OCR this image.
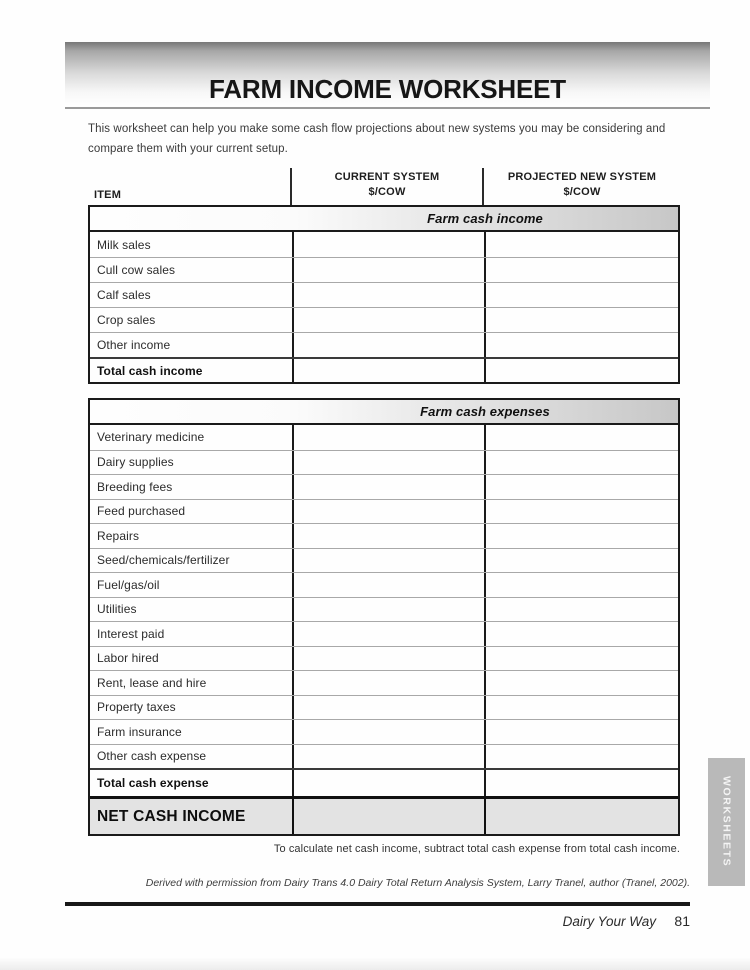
FARM INCOME WORKSHEET

This worksheet can help you make some cash flow projections about new systems you may be considering and compare them with your current setup.

ITEM
CURRENT SYSTEM
$/COW
PROJECTED NEW SYSTEM
$/COW
Farm cash income
Milk sales
Cull cow sales
Calf sales
Crop sales
Other income
Total cash income
Farm cash expenses
Veterinary medicine
Dairy supplies
Breeding fees
Feed purchased
Repairs
Seed/chemicals/fertilizer
Fuel/gas/oil
Utilities
Interest paid
Labor hired
Rent, lease and hire
Property taxes
Farm insurance
Other cash expense
Total cash expense
NET CASH INCOME
To calculate net cash income, subtract total cash expense from total cash income.
Derived with permission from Dairy Trans 4.0 Dairy Total Return Analysis System, Larry Tranel, author (Tranel, 2002).
Dairy Your Way 81
WORKSHEETS
